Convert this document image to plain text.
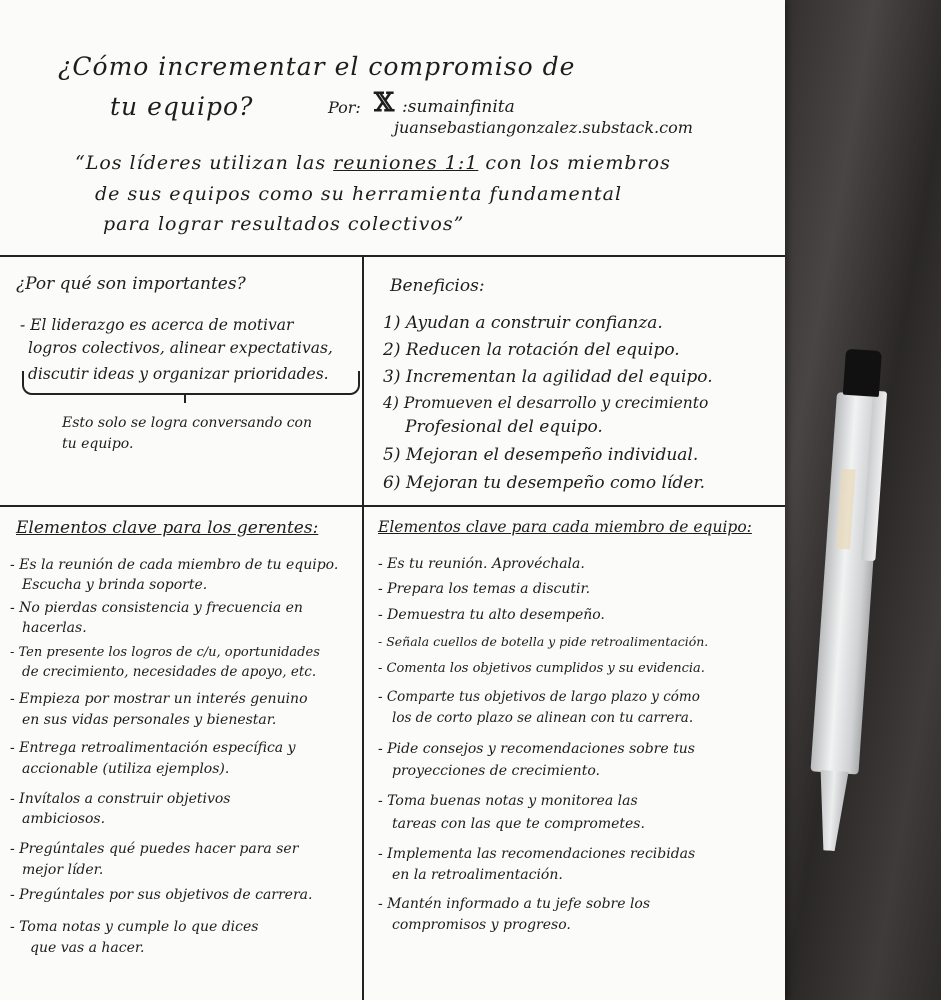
¿Cómo incrementar el compromiso de
tu equipo?	Por: 𝕏 :sumainfinita
juansebastiangonzalez.substack.com
“Los líderes utilizan las reuniones 1:1 con los miembros
de sus equipos como su herramienta fundamental
para lograr resultados colectivos”
¿Por qué son importantes?
- El liderazgo es acerca de motivar
logros colectivos, alinear expectativas,
discutir ideas y organizar prioridades.
Esto solo se logra conversando con
tu equipo.
Beneficios:
1) Ayudan a construir confianza.
2) Reducen la rotación del equipo.
3) Incrementan la agilidad del equipo.
4) Promueven el desarrollo y crecimiento
Profesional del equipo.
5) Mejoran el desempeño individual.
6) Mejoran tu desempeño como líder.
Elementos clave para los gerentes:
- Es la reunión de cada miembro de tu equipo.
Escucha y brinda soporte.
- No pierdas consistencia y frecuencia en
hacerlas.
- Ten presente los logros de c/u, oportunidades
de crecimiento, necesidades de apoyo, etc.
- Empieza por mostrar un interés genuino
en sus vidas personales y bienestar.
- Entrega retroalimentación específica y
accionable (utiliza ejemplos).
- Invítalos a construir objetivos
ambiciosos.
- Pregúntales qué puedes hacer para ser
mejor líder.
- Pregúntales por sus objetivos de carrera.
- Toma notas y cumple lo que dices
que vas a hacer.
Elementos clave para cada miembro de equipo:
- Es tu reunión. Aprovéchala.
- Prepara los temas a discutir.
- Demuestra tu alto desempeño.
- Señala cuellos de botella y pide retroalimentación.
- Comenta los objetivos cumplidos y su evidencia.
- Comparte tus objetivos de largo plazo y cómo
los de corto plazo se alinean con tu carrera.
- Pide consejos y recomendaciones sobre tus
proyecciones de crecimiento.
- Toma buenas notas y monitorea las
tareas con las que te comprometes.
- Implementa las recomendaciones recibidas
en la retroalimentación.
- Mantén informado a tu jefe sobre los
compromisos y progreso.
